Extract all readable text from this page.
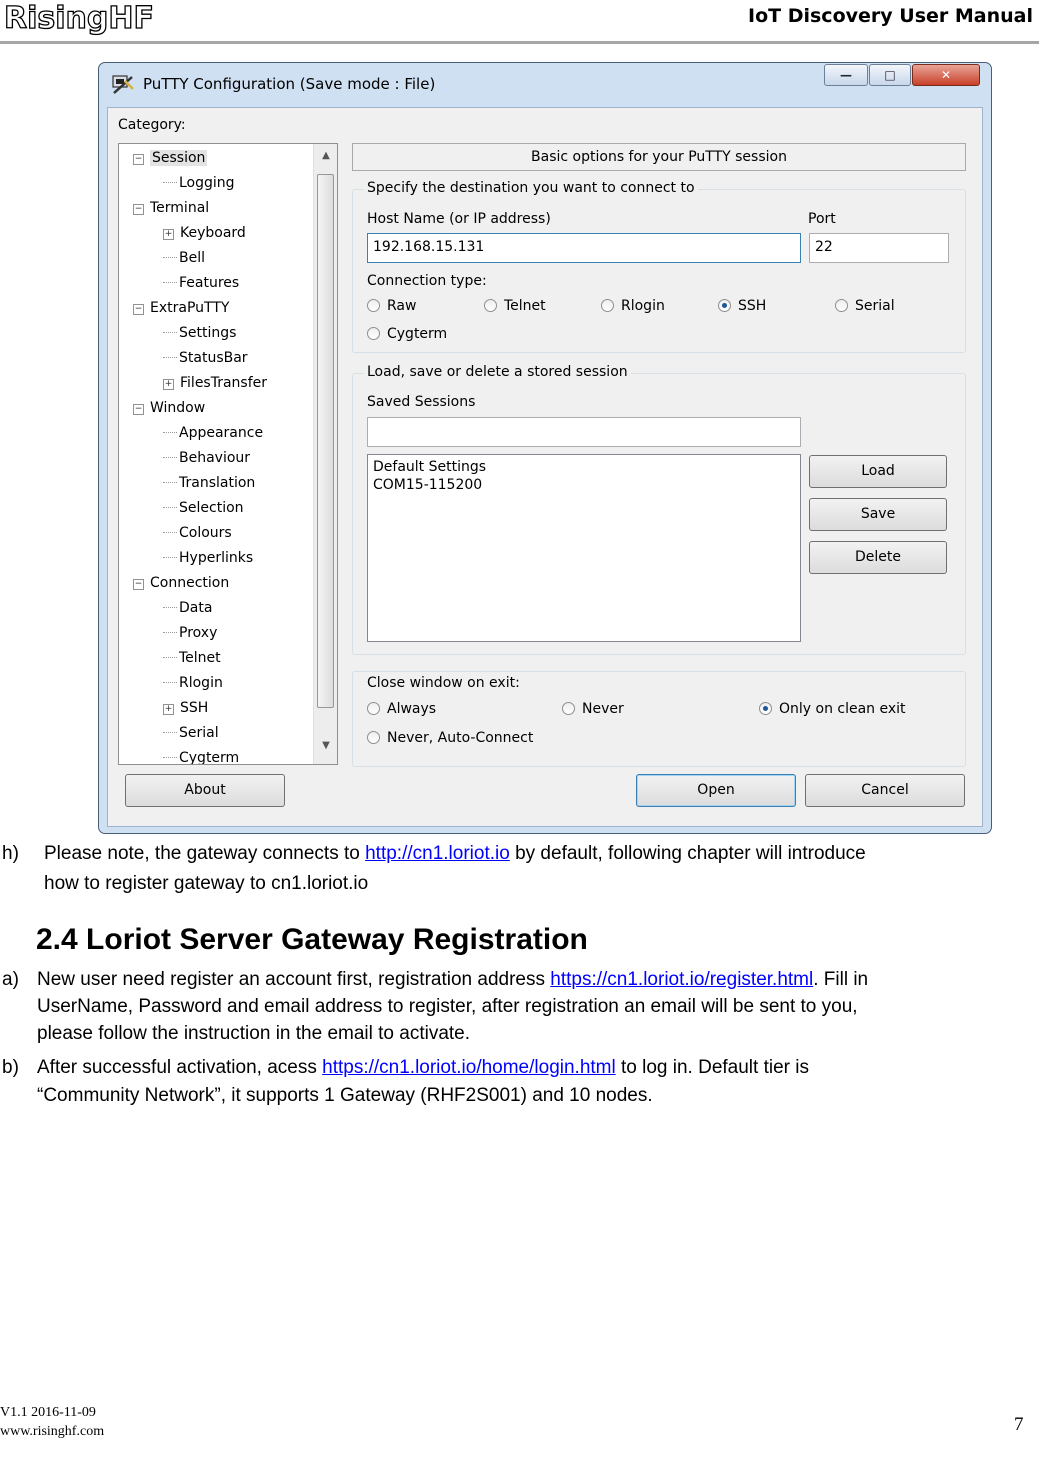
RisingHF	IoT Discovery User Manual
PuTTY Configuration (Save mode : File)	—	□	✕
Category:
▲
▼
− Session
Logging
− Terminal
+ Keyboard
Bell
Features
− ExtraPuTTY
Settings
StatusBar
+ FilesTransfer
− Window
Appearance
Behaviour
Translation
Selection
Colours
Hyperlinks
− Connection
Data
Proxy
Telnet
Rlogin
+ SSH
Serial
Cygterm
Basic options for your PuTTY session
Specify the destination you want to connect to
Host Name (or IP address)
192.168.15.131
Port
22
Connection type:
Raw	Telnet	Rlogin	SSH	Serial
Cygterm
Load, save or delete a stored session
Saved Sessions
Default Settings
COM15-115200
Load
Save
Delete
Close window on exit:
Always	Never	Only on clean exit
Never, Auto-Connect
About	Open	Cancel
h) Please note, the gateway connects to http://cn1.loriot.io by default, following chapter will introduce
how to register gateway to cn1.loriot.io
2.4 Loriot Server Gateway Registration
a) New user need register an account first, registration address https://cn1.loriot.io/register.html. Fill in
UserName, Password and email address to register, after registration an email will be sent to you,
please follow the instruction in the email to activate.
b) After successful activation, acess https://cn1.loriot.io/home/login.html to log in. Default tier is
“Community Network”, it supports 1 Gateway (RHF2S001) and 10 nodes.
V1.1 2016-11-09
www.risinghf.com	7
